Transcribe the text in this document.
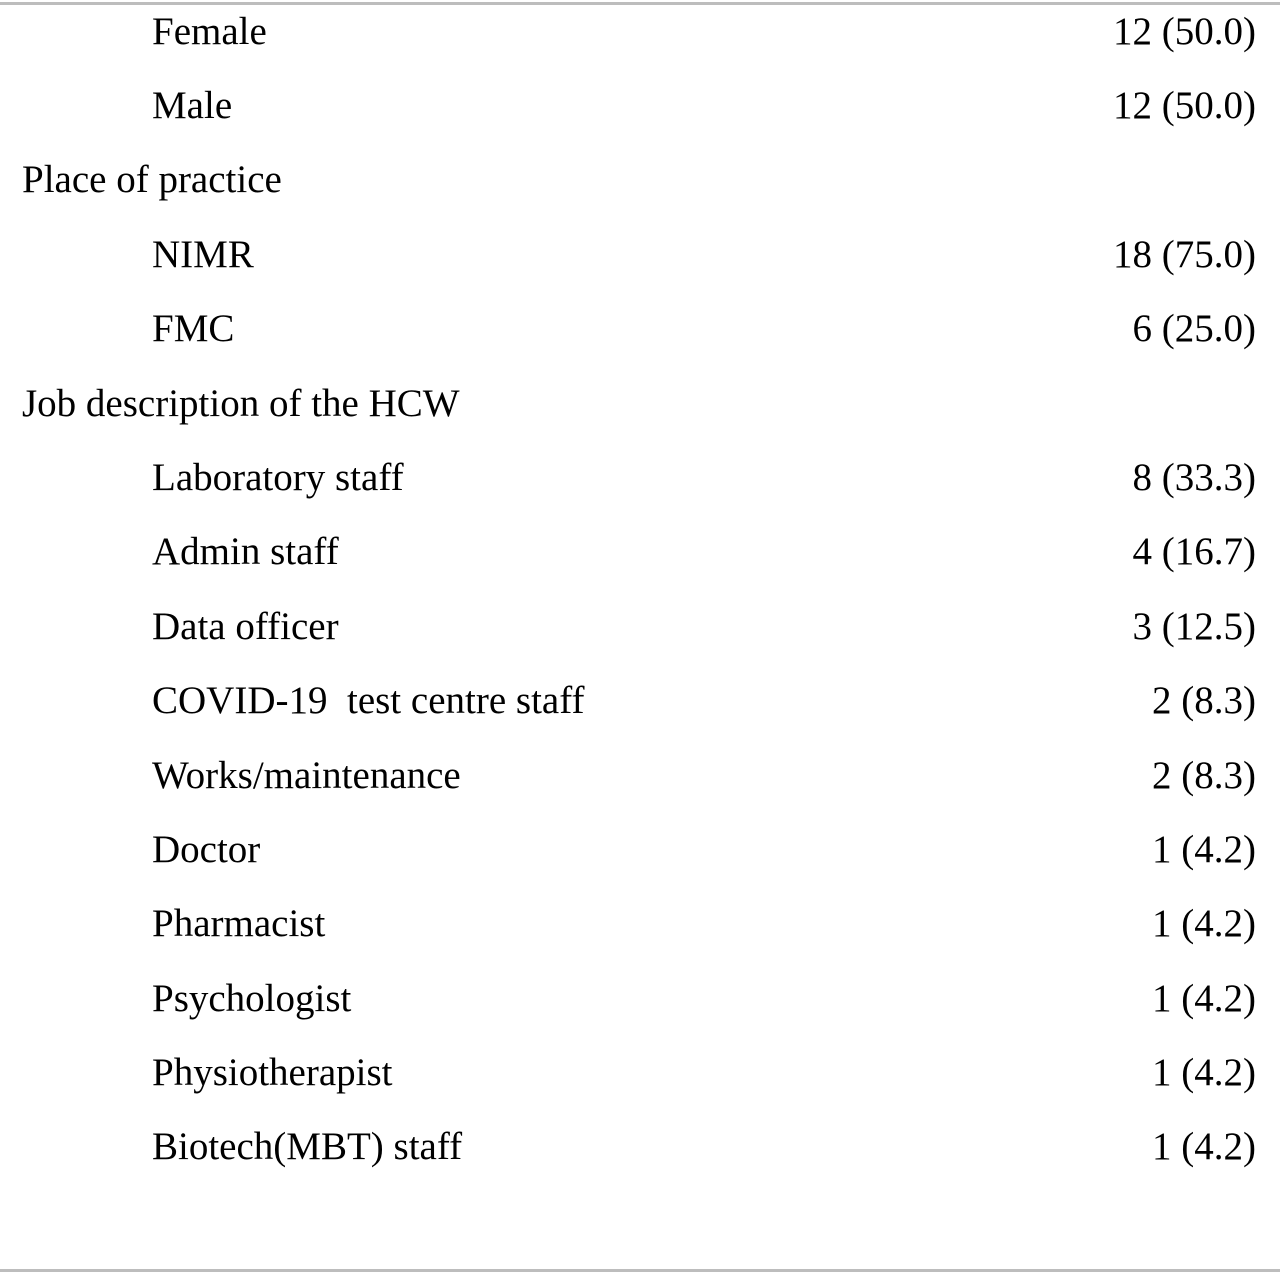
Female	12 (50.0)
Male	12 (50.0)
Place of practice
NIMR	18 (75.0)
FMC	6 (25.0)
Job description of the HCW
Laboratory staff	8 (33.3)
Admin staff	4 (16.7)
Data officer	3 (12.5)
COVID-19  test centre staff	2 (8.3)
Works/maintenance	2 (8.3)
Doctor	1 (4.2)
Pharmacist	1 (4.2)
Psychologist	1 (4.2)
Physiotherapist	1 (4.2)
Biotech(MBT) staff	1 (4.2)
